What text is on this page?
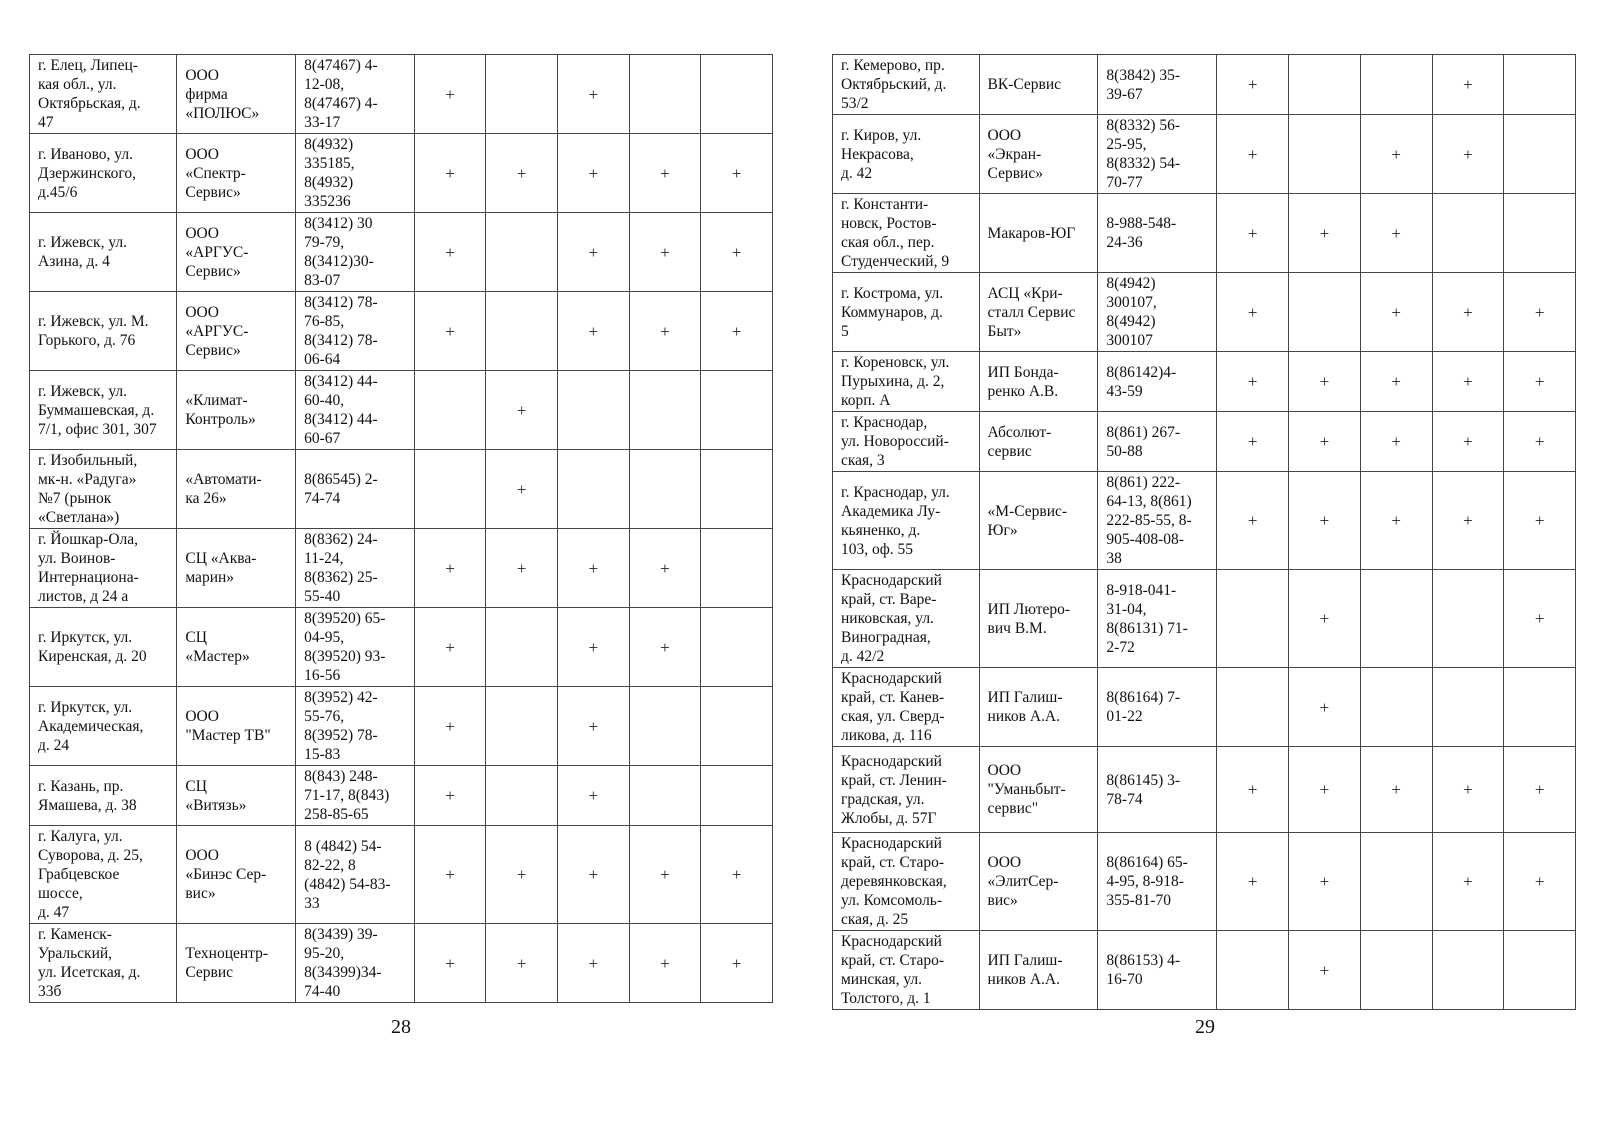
г. Елец, Липец-
кая обл., ул.
Октябрьская, д.
47	ООО
фирма
«ПОЛЮС»	8(47467) 4-
12-08,
8(47467) 4-
33-17	+		+		
г. Иваново, ул.
Дзержинского,
д.45/6	ООО
«Спектр-
Сервис»	8(4932)
335185,
8(4932)
335236	+	+	+	+	+
г. Ижевск, ул.
Азина, д. 4	ООО
«АРГУС-
Сервис»	8(3412) 30
79-79,
8(3412)30-
83-07	+		+	+	+
г. Ижевск, ул. М.
Горького, д. 76	ООО
«АРГУС-
Сервис»	8(3412) 78-
76-85,
8(3412) 78-
06-64	+		+	+	+
г. Ижевск, ул.
Буммашевская, д.
7/1, офис 301, 307	«Климат-
Контроль»	8(3412) 44-
60-40,
8(3412) 44-
60-67		+			
г. Изобильный,
мк-н. «Радуга»
№7 (рынок
«Светлана»)	«Автомати-
ка 26»	8(86545) 2-
74-74		+			
г. Йошкар-Ола,
ул. Воинов-
Интернациона-
листов, д 24 а	СЦ «Аква-
марин»	8(8362) 24-
11-24,
8(8362) 25-
55-40	+	+	+	+	
г. Иркутск, ул.
Киренская, д. 20	СЦ
«Мастер»	8(39520) 65-
04-95,
8(39520) 93-
16-56	+		+	+	
г. Иркутск, ул.
Академическая,
д. 24	ООО
"Мастер ТВ"	8(3952) 42-
55-76,
8(3952) 78-
15-83	+		+		
г. Казань, пр.
Ямашева, д. 38	СЦ
«Витязь»	8(843) 248-
71-17, 8(843)
258-85-65	+		+		
г. Калуга, ул.
Суворова, д. 25,
Грабцевское
шоссе,
д. 47	ООО
«Бинэс Сер-
вис»	8 (4842) 54-
82-22, 8
(4842) 54-83-
33	+	+	+	+	+
г. Каменск-
Уральский,
ул. Исетская, д.
33б	Техноцентр-
Сервис	8(3439) 39-
95-20,
8(34399)34-
74-40	+	+	+	+	+
28
г. Кемерово, пр.
Октябрьский, д.
53/2	ВК-Сервис	8(3842) 35-
39-67	+			+	
г. Киров, ул.
Некрасова,
д. 42	ООО
«Экран-
Сервис»	8(8332) 56-
25-95,
8(8332) 54-
70-77	+		+	+	
г. Константи-
новск, Ростов-
ская обл., пер.
Студенческий, 9	Макаров-ЮГ	8-988-548-
24-36	+	+	+		
г. Кострома, ул.
Коммунаров, д.
5	АСЦ «Кри-
сталл Сервис
Быт»	8(4942)
300107,
8(4942)
300107	+		+	+	+
г. Кореновск, ул.
Пурыхина, д. 2,
корп. А	ИП Бонда-
ренко А.В.	8(86142)4-
43-59	+	+	+	+	+
г. Краснодар,
ул. Новороссий-
ская, 3	Абсолют-
сервис	8(861) 267-
50-88	+	+	+	+	+
г. Краснодар, ул.
Академика Лу-
кьяненко, д.
103, оф. 55	«М-Сервис-
Юг»	8(861) 222-
64-13, 8(861)
222-85-55, 8-
905-408-08-
38	+	+	+	+	+
Краснодарский
край, ст. Варе-
никовская, ул.
Виноградная,
д. 42/2	ИП Лютеро-
вич В.М.	8-918-041-
31-04,
8(86131) 71-
2-72		+			+
Краснодарский
край, ст. Канев-
ская, ул. Сверд-
ликова, д. 116	ИП Галиш-
ников А.А.	8(86164) 7-
01-22		+			
Краснодарский
край, ст. Ленин-
градская, ул.
Жлобы, д. 57Г	ООО
"Уманьбыт-
сервис"	8(86145) 3-
78-74	+	+	+	+	+
Краснодарский
край, ст. Старо-
деревянковская,
ул. Комсомоль-
ская, д. 25	ООО
«ЭлитСер-
вис»	8(86164) 65-
4-95, 8-918-
355-81-70	+	+		+	+
Краснодарский
край, ст. Старо-
минская, ул.
Толстого, д. 1	ИП Галиш-
ников А.А.	8(86153) 4-
16-70		+			
29
